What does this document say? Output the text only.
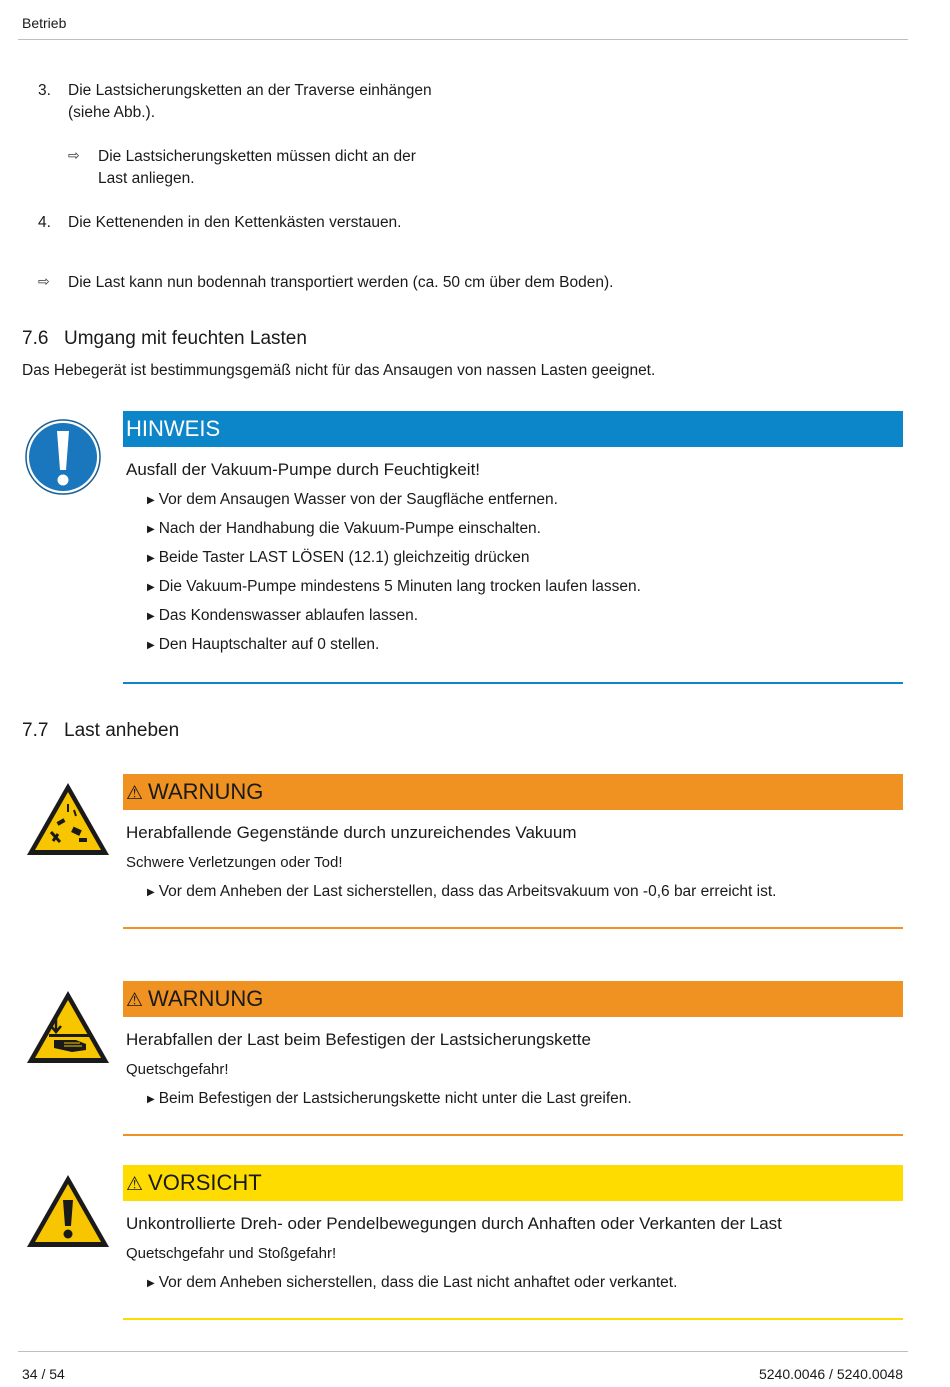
Betrieb
3. Die Lastsicherungsketten an der Traverse einhängen
(siehe Abb.).
⇨ Die Lastsicherungsketten müssen dicht an der
Last anliegen.
4. Die Kettenenden in den Kettenkästen verstauen.
⇨ Die Last kann nun bodennah transportiert werden (ca. 50 cm über dem Boden).
7.6 Umgang mit feuchten Lasten
Das Hebegerät ist bestimmungsgemäß nicht für das Ansaugen von nassen Lasten geeignet.
HINWEIS
Ausfall der Vakuum-Pumpe durch Feuchtigkeit!
▶ Vor dem Ansaugen Wasser von der Saugfläche entfernen.
▶ Nach der Handhabung die Vakuum-Pumpe einschalten.
▶ Beide Taster LAST LÖSEN (12.1) gleichzeitig drücken
▶ Die Vakuum-Pumpe mindestens 5 Minuten lang trocken laufen lassen.
▶ Das Kondenswasser ablaufen lassen.
▶ Den Hauptschalter auf 0 stellen.
7.7 Last anheben
⚠ WARNUNG
Herabfallende Gegenstände durch unzureichendes Vakuum
Schwere Verletzungen oder Tod!
▶ Vor dem Anheben der Last sicherstellen, dass das Arbeitsvakuum von -0,6 bar erreicht ist.
⚠ WARNUNG
Herabfallen der Last beim Befestigen der Lastsicherungskette
Quetschgefahr!
▶ Beim Befestigen der Lastsicherungskette nicht unter die Last greifen.
⚠ VORSICHT
Unkontrollierte Dreh- oder Pendelbewegungen durch Anhaften oder Verkanten der Last
Quetschgefahr und Stoßgefahr!
▶ Vor dem Anheben sicherstellen, dass die Last nicht anhaftet oder verkantet.
34 / 54	5240.0046 / 5240.0048
